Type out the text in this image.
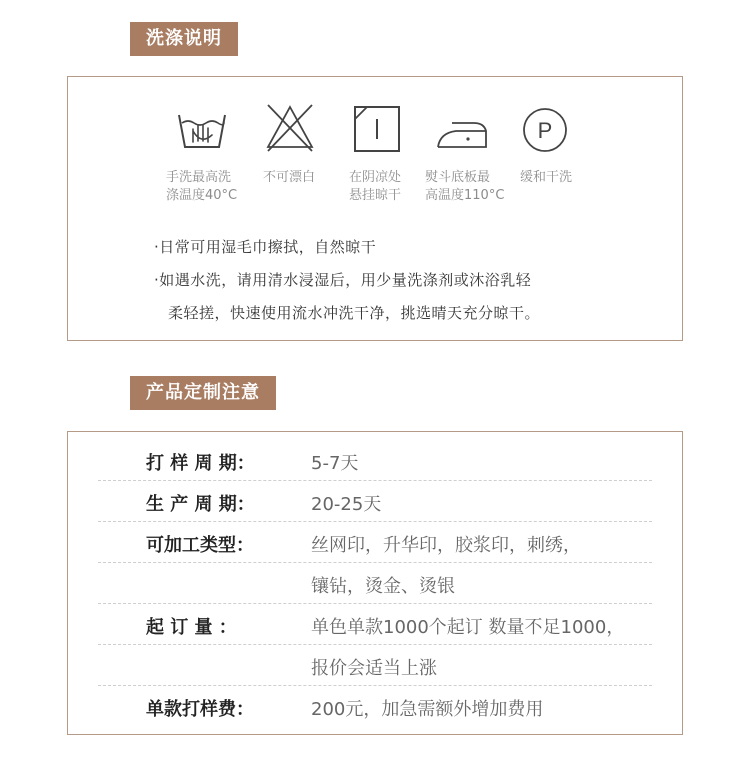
洗涤说明
手洗最高洗
涤温度40°C
不可漂白	在阴凉处
悬挂晾干
熨斗底板最
高温度110°C
P
缓和干洗
·日常可用湿毛巾擦拭，自然晾干
·如遇水洗，请用清水浸湿后，用少量洗涤剂或沐浴乳轻
柔轻搓，快速使用流水冲洗干净，挑选晴天充分晾干。
产品定制注意
打 样 周 期：	5-7天
生 产 周 期：	20-25天
可加工类型：	丝网印，升华印，胶浆印，刺绣，
镶钻，烫金、烫银
起 订 量 ：	单色单款1000个起订 数量不足1000，
报价会适当上涨
单款打样费：	200元，加急需额外增加费用
